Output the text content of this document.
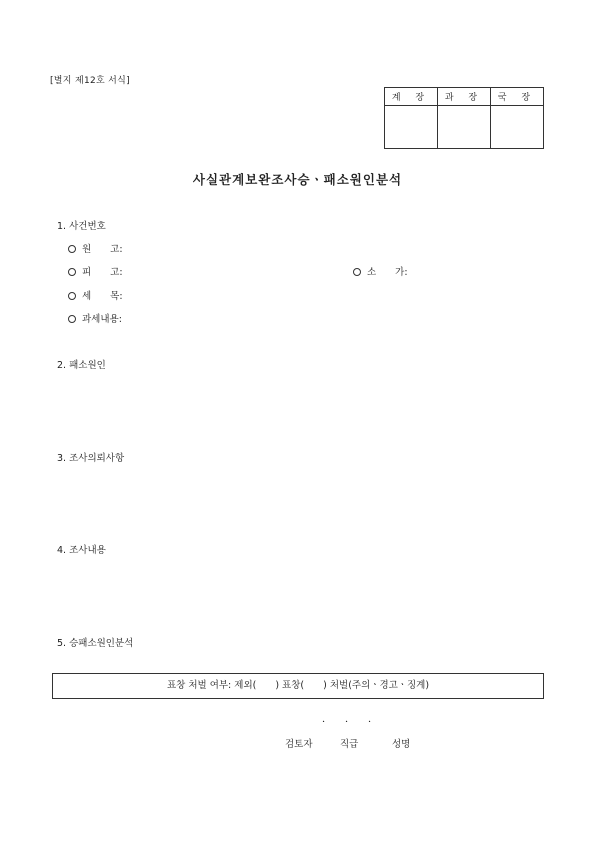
[별지 제12호 서식]
계 장	과 장	국 장

사실관계보완조사승ㆍ패소원인분석
1. 사건번호
원　　고:
피　　고:	소　　가:
세　　목:
과세내용:
2. 패소원인
3. 조사의뢰사항
4. 조사내용
5. 승패소원인분석
표창 처벌 여부: 제외(　　) 표창(　　) 처벌(주의ㆍ경고ㆍ징계)
． ． ．
검토자	직급	성명
